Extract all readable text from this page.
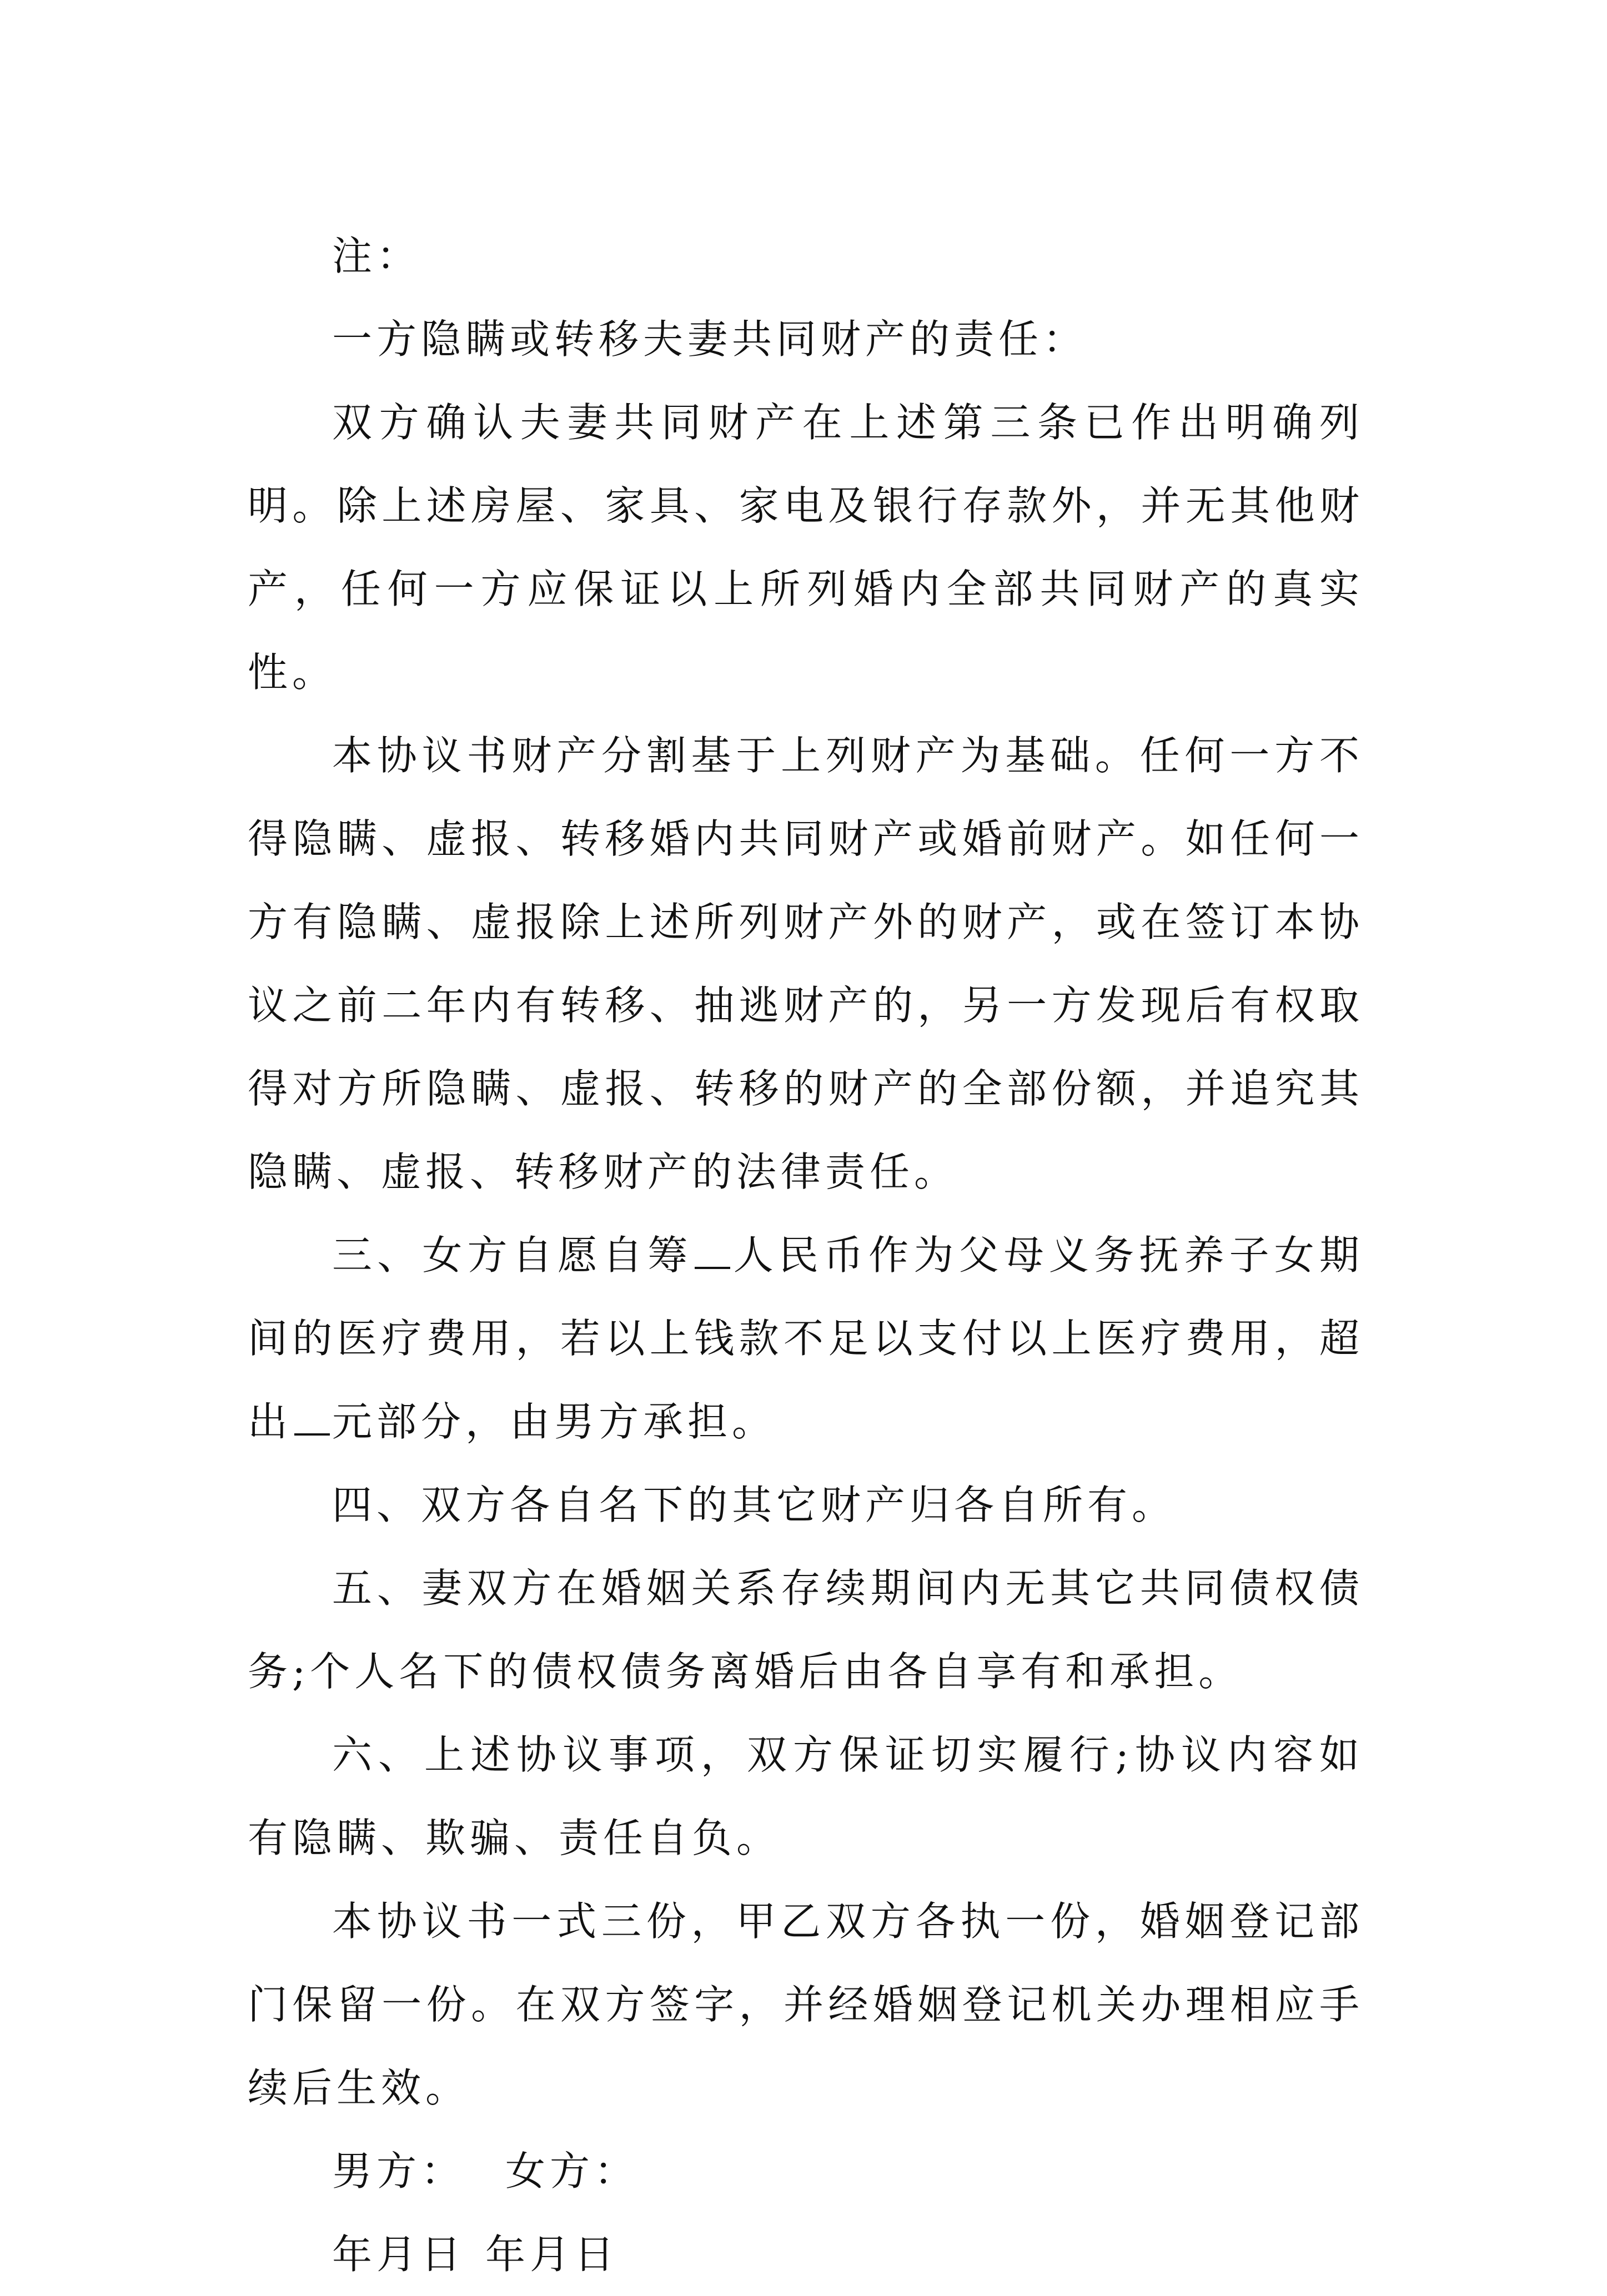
注：

一方隐瞒或转移夫妻共同财产的责任：

双方确认夫妻共同财产在上述第三条已作出明确列明。除上述房屋、家具、家电及银行存款外，并无其他财产，任何一方应保证以上所列婚内全部共同财产的真实性。

本协议书财产分割基于上列财产为基础。任何一方不得隐瞒、虚报、转移婚内共同财产或婚前财产。如任何一方有隐瞒、虚报除上述所列财产外的财产，或在签订本协议之前二年内有转移、抽逃财产的，另一方发现后有权取得对方所隐瞒、虚报、转移的财产的全部份额，并追究其隐瞒、虚报、转移财产的法律责任。

三、女方自愿自筹 人民币作为父母义务抚养子女期间的医疗费用，若以上钱款不足以支付以上医疗费用，超出 元部分，由男方承担。

四、双方各自名下的其它财产归各自所有。

五、妻双方在婚姻关系存续期间内无其它共同债权债务;个人名下的债权债务离婚后由各自享有和承担。

六、上述协议事项，双方保证切实履行;协议内容如有隐瞒、欺骗、责任自负。

本协议书一式三份，甲乙双方各执一份，婚姻登记部门保留一份。在双方签字，并经婚姻登记机关办理相应手续后生效。

男方： 女方：

年月日 年月日
